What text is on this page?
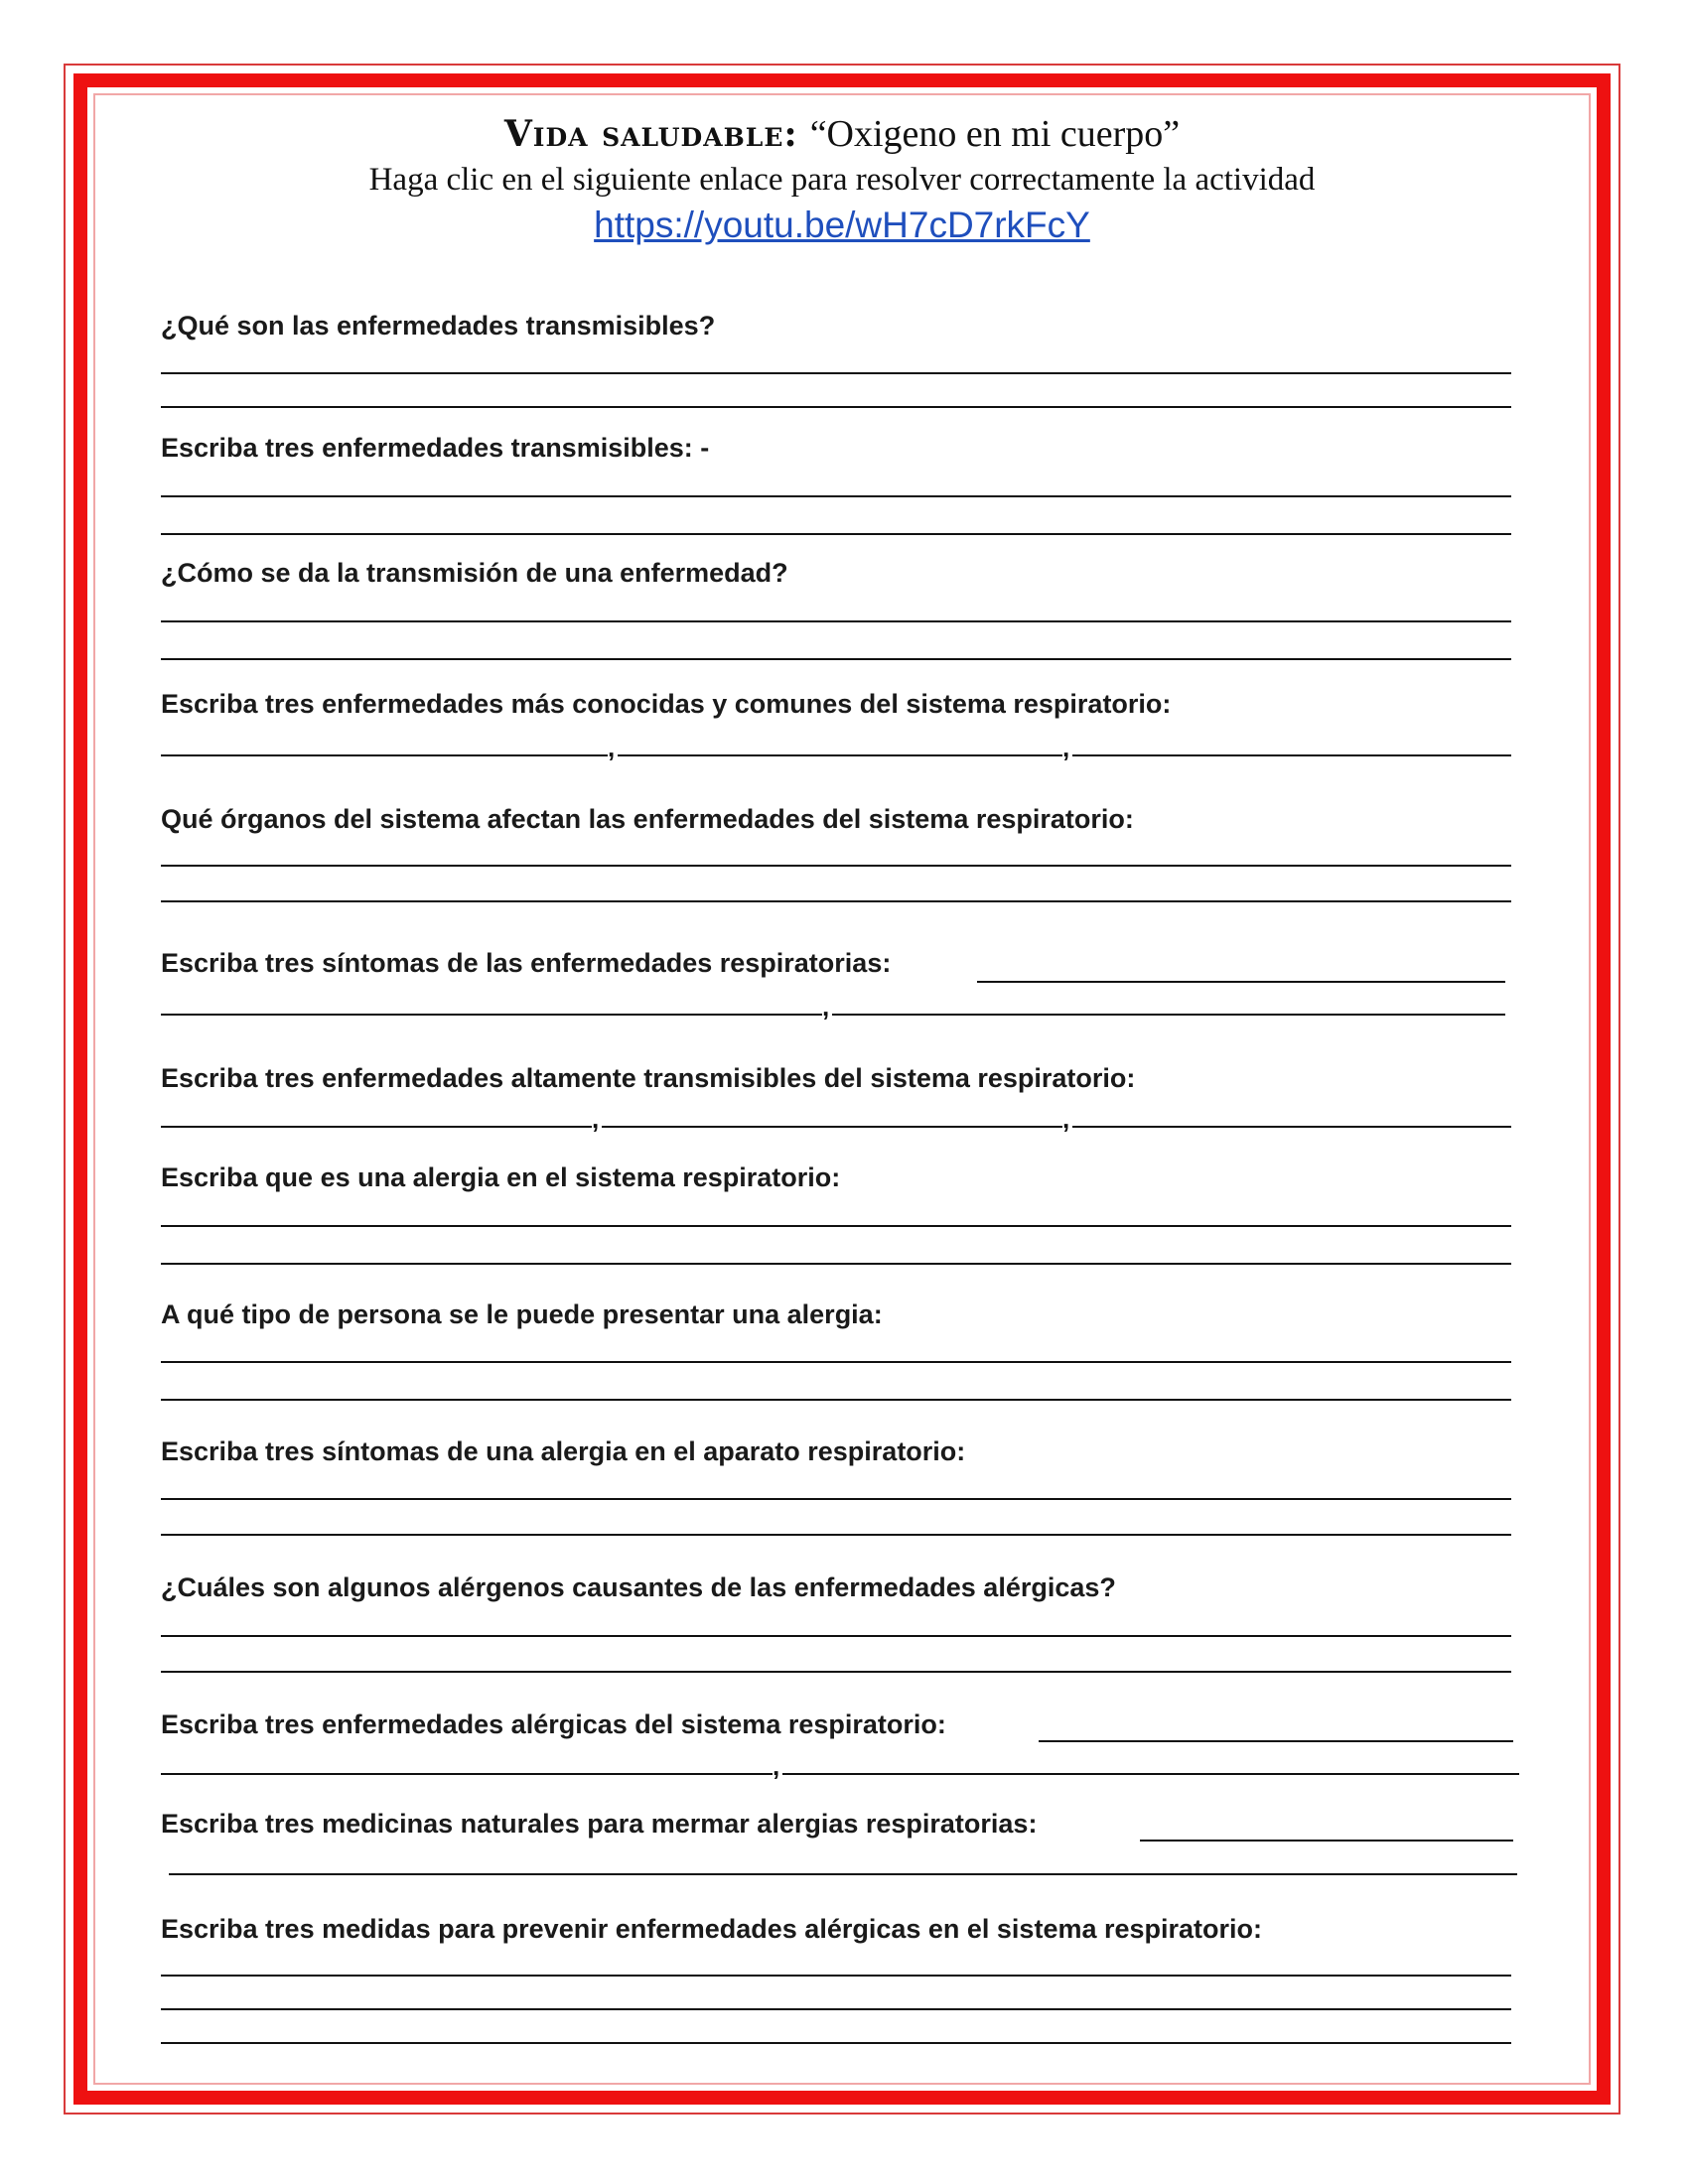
Vida saludable: “Oxigeno en mi cuerpo”

Haga clic en el siguiente enlace para resolver correctamente la actividad

https://youtu.be/wH7cD7rkFcY
¿Qué son las enfermedades transmisibles?
Escriba tres enfermedades transmisibles: -
¿Cómo se da la transmisión de una enfermedad?
Escriba tres enfermedades más conocidas y comunes del sistema respiratorio:
,	,
Qué órganos del sistema afectan las enfermedades del sistema respiratorio:
Escriba tres síntomas de las enfermedades respiratorias:
,
Escriba tres enfermedades altamente transmisibles del sistema respiratorio:
,	,
Escriba que es una alergia en el sistema respiratorio:
A qué tipo de persona se le puede presentar una alergia:
Escriba tres síntomas de una alergia en el aparato respiratorio:
¿Cuáles son algunos alérgenos causantes de las enfermedades alérgicas?
Escriba tres enfermedades alérgicas del sistema respiratorio:
,
Escriba tres medicinas naturales para mermar alergias respiratorias:
Escriba tres medidas para prevenir enfermedades alérgicas en el sistema respiratorio:
